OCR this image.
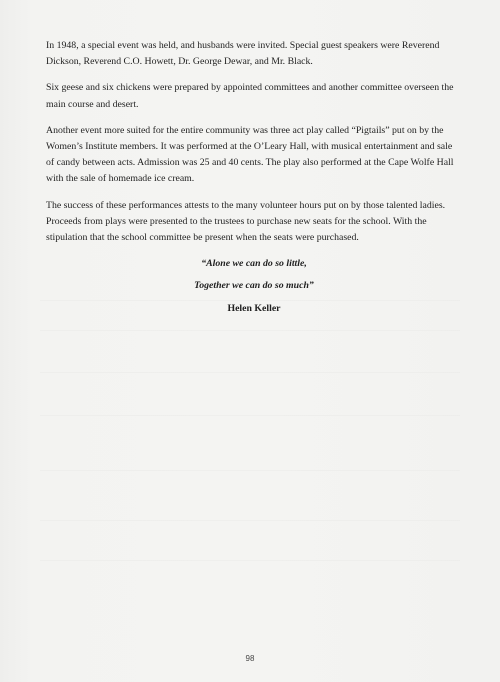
In 1948, a special event was held, and husbands were invited. Special guest speakers were Reverend Dickson, Reverend C.O. Howett, Dr. George Dewar, and Mr. Black.

Six geese and six chickens were prepared by appointed committees and another committee overseen the main course and desert.

Another event more suited for the entire community was three act play called “Pigtails” put on by the Women’s Institute members. It was performed at the O’Leary Hall, with musical entertainment and sale of candy between acts. Admission was 25 and 40 cents. The play also performed at the Cape Wolfe Hall with the sale of homemade ice cream.

The success of these performances attests to the many volunteer hours put on by those talented ladies. Proceeds from plays were presented to the trustees to purchase new seats for the school. With the stipulation that the school committee be present when the seats were purchased.

“Alone we can do so little,

Together we can do so much”

Helen Keller

98
